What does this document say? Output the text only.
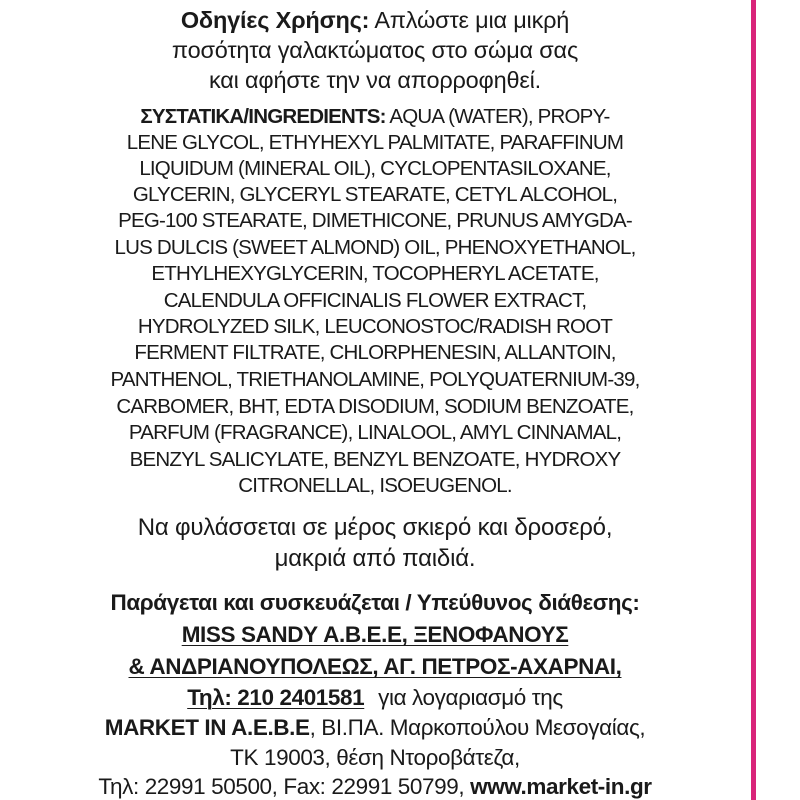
Οδηγίες Χρήσης: Απλώστε μια μικρή
ποσότητα γαλακτώματος στο σώμα σας
και αφήστε την να απορροφηθεί.
ΣΥΣΤΑΤΙΚΑ/INGREDIENTS: AQUA (WATER), PROPY-
LENE GLYCOL, ETHYHEXYL PALMITATE, PARAFFINUM
LIQUIDUM (MINERAL OIL), CYCLOPENTASILOXANE,
GLYCERIN, GLYCERYL STEARATE, CETYL ALCOHOL,
PEG-100 STEARATE, DIMETHICONE, PRUNUS AMYGDA-
LUS DULCIS (SWEET ALMOND) OIL, PHENOXYETHANOL,
ETHYLHEXYGLYCERIN, TOCOPHERYL ACETATE,
CALENDULA OFFICINALIS FLOWER EXTRACT,
HYDROLYZED SILK, LEUCONOSTOC/RADISH ROOT
FERMENT FILTRATE, CHLORPHENESIN, ALLANTOIN,
PANTHENOL, TRIETHANOLAMINE, POLYQUATERNIUM-39,
CARBOMER, BHT, EDTA DISODIUM, SODIUM BENZOATE,
PARFUM (FRAGRANCE), LINALOOL, AMYL CINNAMAL,
BENZYL SALICYLATE, BENZYL BENZOATE, HYDROXY
CITRONELLAL, ISOEUGENOL.
Να φυλάσσεται σε μέρος σκιερό και δροσερό,
μακριά από παιδιά.
Παράγεται και συσκευάζεται / Υπεύθυνος διάθεσης:
MISS SANDY Α.Β.Ε.Ε, ΞΕΝΟΦΑΝΟΥΣ
& ΑΝΔΡΙΑΝΟΥΠΟΛΕΩΣ, ΑΓ. ΠΕΤΡΟΣ-ΑΧΑΡΝΑΙ,
Τηλ: 210 2401581 για λογαριασμό της
MARKET IN A.E.B.E, ΒΙ.ΠΑ. Μαρκοπούλου Μεσογαίας,
ΤΚ 19003, θέση Ντοροβάτεζα,
Τηλ: 22991 50500, Fax: 22991 50799, www.market-in.gr
